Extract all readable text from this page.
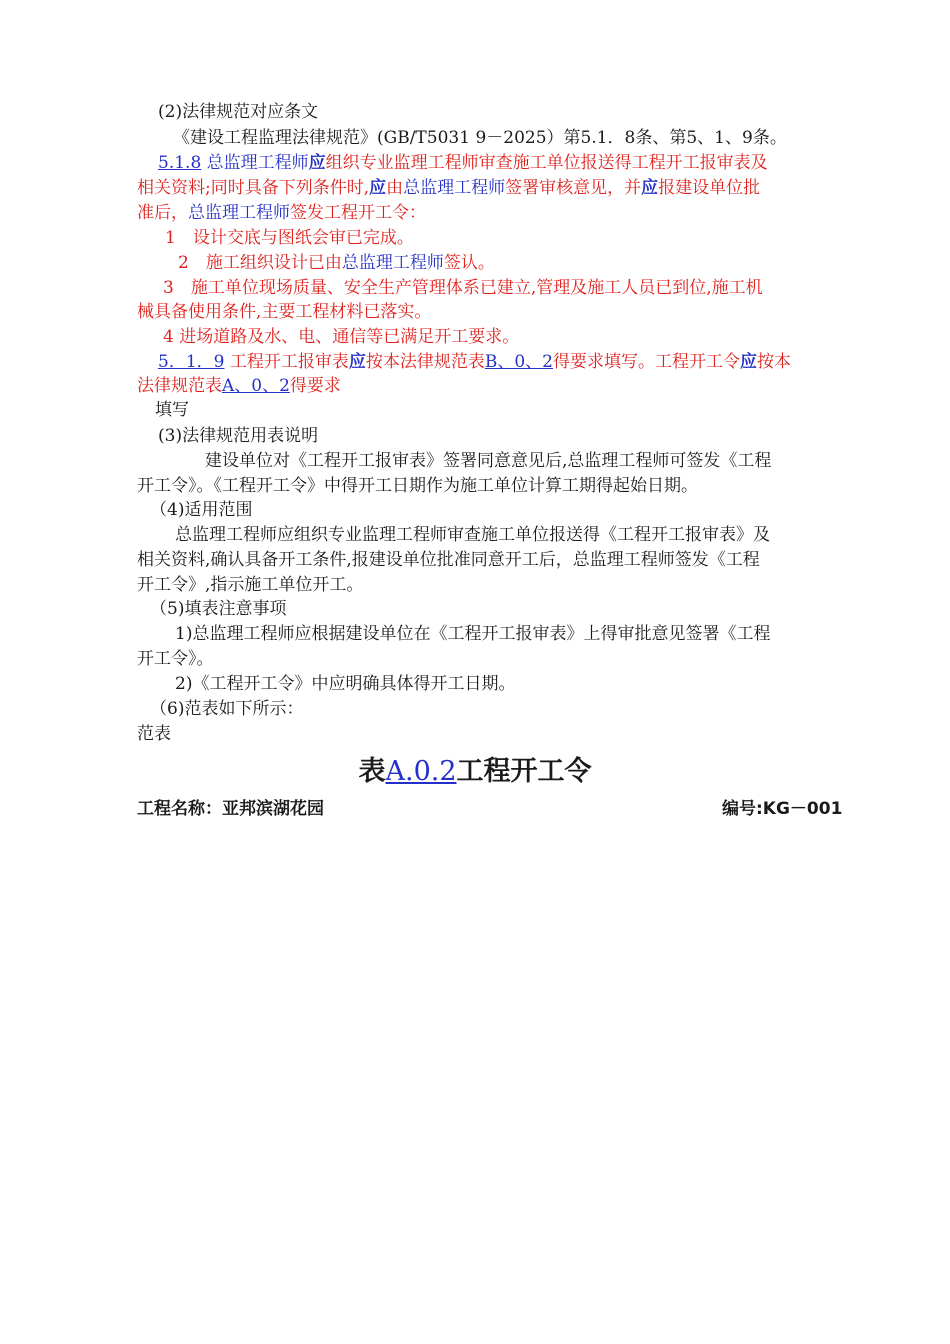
(2)法律规范对应条文
《建设工程监理法律规范》(GB/T5031 9－2025）第5.1．8条、第5、1、9条。
5.1.8 总监理工程师应组织专业监理工程师审查施工单位报送得工程开工报审表及
相关资料;同时具备下列条件时,应由总监理工程师签署审核意见，并应报建设单位批
准后，总监理工程师签发工程开工令：
1　设计交底与图纸会审已完成。
2　施工组织设计已由总监理工程师签认。
3　施工单位现场质量、安全生产管理体系已建立,管理及施工人员已到位,施工机
械具备使用条件,主要工程材料已落实。
4 进场道路及水、电、通信等已满足开工要求。
5．1．9 工程开工报审表应按本法律规范表B、0、2得要求填写。工程开工令应按本
法律规范表A、0、2得要求
填写
(3)法律规范用表说明
建设单位对《工程开工报审表》签署同意意见后,总监理工程师可签发《工程
开工令》。《工程开工令》中得开工日期作为施工单位计算工期得起始日期。
（4)适用范围
总监理工程师应组织专业监理工程师审查施工单位报送得《工程开工报审表》及
相关资料,确认具备开工条件,报建设单位批准同意开工后，总监理工程师签发《工程
开工令》,指示施工单位开工。
（5)填表注意事项
1)总监理工程师应根据建设单位在《工程开工报审表》上得审批意见签署《工程
开工令》。
2)《工程开工令》中应明确具体得开工日期。
（6)范表如下所示：
范表
表A.0.2工程开工令
工程名称：亚邦滨湖花园	编号:KG－001
